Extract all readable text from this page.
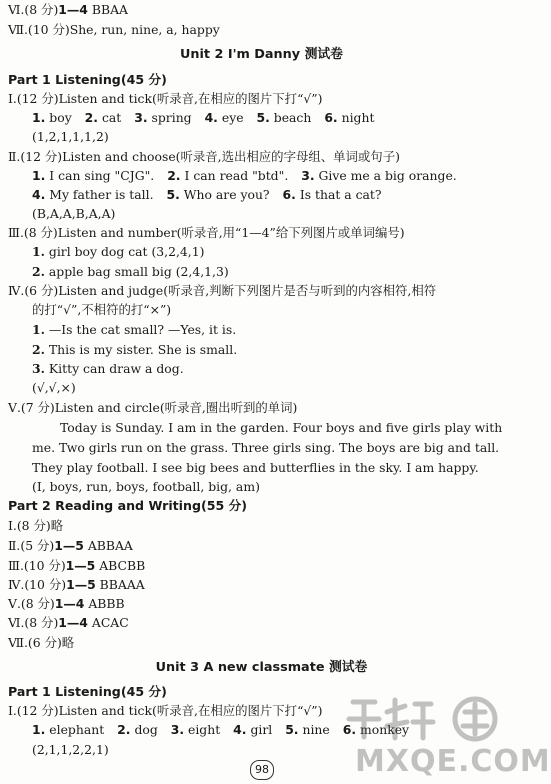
Ⅵ.(8 分)1—4 BBAA
Ⅶ.(10 分)She, run, nine, a, happy
Unit 2 I'm Danny 测试卷
Part 1 Listening(45 分)
Ⅰ.(12 分)Listen and tick(听录音,在相应的图片下打“√”)
1. boy 2. cat 3. spring 4. eye 5. beach 6. night
(1,2,1,1,1,2)
Ⅱ.(12 分)Listen and choose(听录音,选出相应的字母组、单词或句子)
1. I can sing "CJG". 2. I can read "btd". 3. Give me a big orange.
4. My father is tall. 5. Who are you? 6. Is that a cat?
(B,A,A,B,A,A)
Ⅲ.(8 分)Listen and number(听录音,用“1—4”给下列图片或单词编号)
1. girl boy dog cat (3,2,4,1)
2. apple bag small big (2,4,1,3)
Ⅳ.(6 分)Listen and judge(听录音,判断下列图片是否与听到的内容相符,相符
的打“√”,不相符的打“×”)
1. —Is the cat small? —Yes, it is.
2. This is my sister. She is small.
3. Kitty can draw a dog.
(√,√,×)
Ⅴ.(7 分)Listen and circle(听录音,圈出听到的单词)
Today is Sunday. I am in the garden. Four boys and five girls play with
me. Two girls run on the grass. Three girls sing. The boys are big and tall.
They play football. I see big bees and butterflies in the sky. I am happy.
(I, boys, run, boys, football, big, am)
Part 2 Reading and Writing(55 分)
Ⅰ.(8 分)略
Ⅱ.(5 分)1—5 ABBAA
Ⅲ.(10 分)1—5 ABCBB
Ⅳ.(10 分)1—5 BBAAA
Ⅴ.(8 分)1—4 ABBB
Ⅵ.(8 分)1—4 ACAC
Ⅶ.(6 分)略
Unit 3 A new classmate 测试卷
Part 1 Listening(45 分)
Ⅰ.(12 分)Listen and tick(听录音,在相应的图片下打“√”)
1. elephant 2. dog 3. eight 4. girl 5. nine 6. monkey
(2,1,1,2,2,1)
98	MXQE.COM
